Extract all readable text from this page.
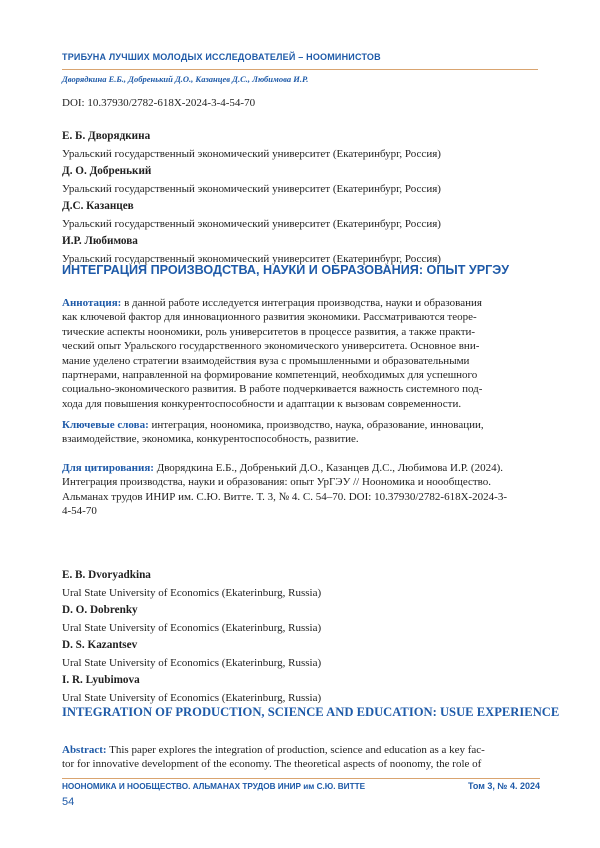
ТРИБУНА ЛУЧШИХ МОЛОДЫХ ИССЛЕДОВАТЕЛЕЙ – НООМИНИСТОВ
Дворядкина Е.Б., Добренький Д.О., Казанцев Д.С., Любимова И.Р.
DOI: 10.37930/2782-618X-2024-3-4-54-70
Е. Б. Дворядкина
Уральский государственный экономический университет (Екатеринбург, Россия)
Д. О. Добренький
Уральский государственный экономический университет (Екатеринбург, Россия)
Д.С. Казанцев
Уральский государственный экономический университет (Екатеринбург, Россия)
И.Р. Любимова
Уральский государственный экономический университет (Екатеринбург, Россия)
ИНТЕГРАЦИЯ ПРОИЗВОДСТВА, НАУКИ И ОБРАЗОВАНИЯ: ОПЫТ УРГЭУ
Аннотация: в данной работе исследуется интеграция производства, науки и образования
как ключевой фактор для инновационного развития экономики. Рассматриваются теоре-
тические аспекты ноономики, роль университетов в процессе развития, а также практи-
ческий опыт Уральского государственного экономического университета. Основное вни-
мание уделено стратегии взаимодействия вуза с промышленными и образовательными
партнерами, направленной на формирование компетенций, необходимых для успешного
социально-экономического развития. В работе подчеркивается важность системного под-
хода для повышения конкурентоспособности и адаптации к вызовам современности.
Ключевые слова: интеграция, ноономика, производство, наука, образование, инновации,
взаимодействие, экономика, конкурентоспособность, развитие.
Для цитирования: Дворядкина Е.Б., Добренький Д.О., Казанцев Д.С., Любимова И.Р. (2024).
Интеграция производства, науки и образования: опыт УрГЭУ // Ноономика и ноообщество.
Альманах трудов ИНИР им. С.Ю. Витте. Т. 3, № 4. С. 54–70. DOI: 10.37930/2782-618X-2024-3-
4-54-70
E. B. Dvoryadkina
Ural State University of Economics (Ekaterinburg, Russia)
D. O. Dobrenky
Ural State University of Economics (Ekaterinburg, Russia)
D. S. Kazantsev
Ural State University of Economics (Ekaterinburg, Russia)
I. R. Lyubimova
Ural State University of Economics (Ekaterinburg, Russia)
INTEGRATION OF PRODUCTION, SCIENCE AND EDUCATION: USUE EXPERIENCE
Abstract: This paper explores the integration of production, science and education as a key fac-
tor for innovative development of the economy. The theoretical aspects of noonomy, the role of
НООНОМИКА И НООБЩЕСТВО. АЛЬМАНАХ ТРУДОВ ИНИР им С.Ю. ВИТТЕ	Том 3, № 4. 2024
54
